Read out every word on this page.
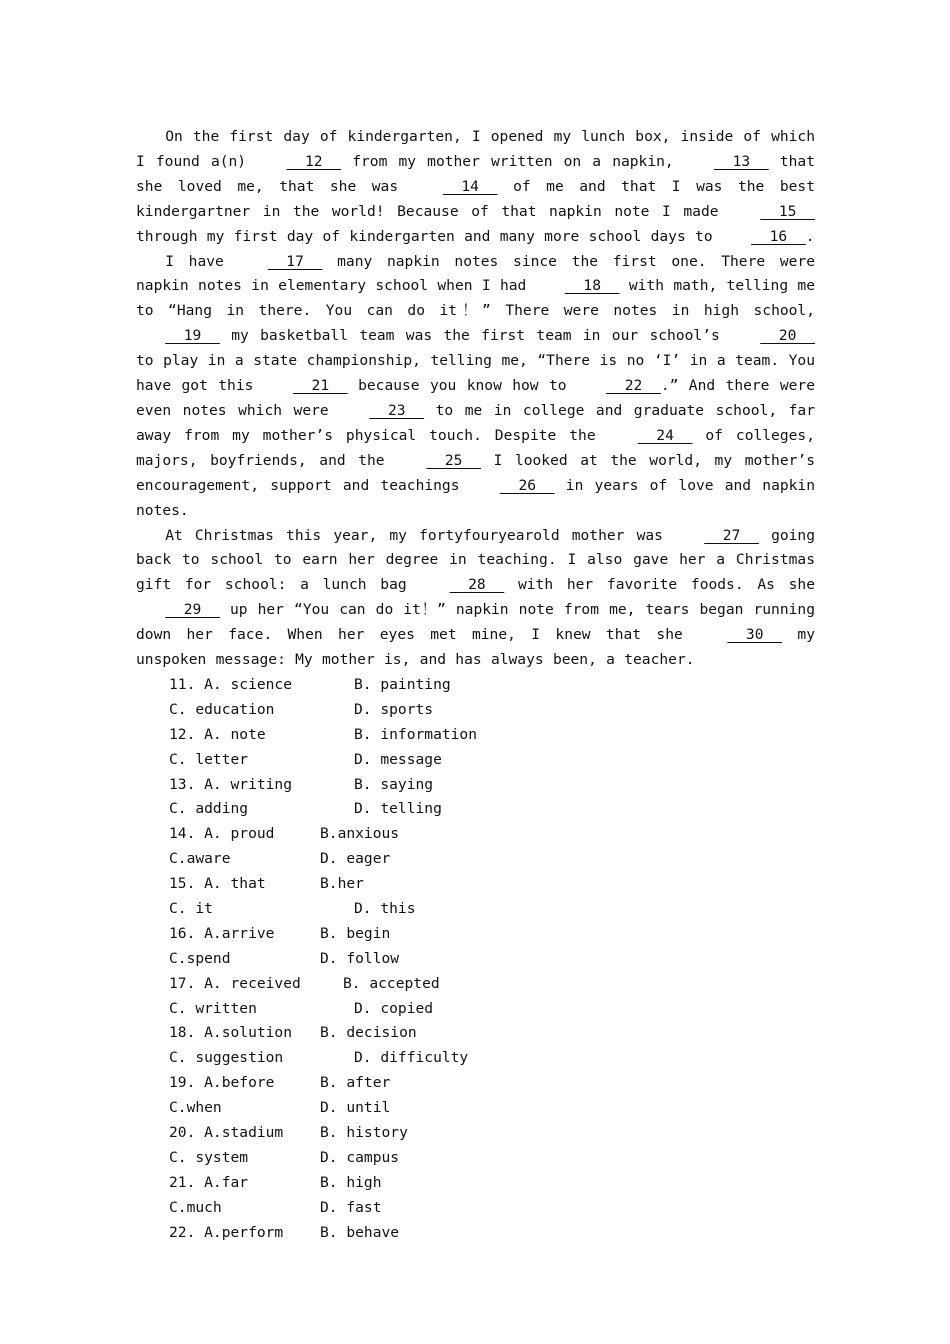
On the first day of kindergarten, I opened my lunch box, inside of which I found a(n)   12   from my mother written on a napkin,   13   that she loved me, that she was   14   of me and that I was the best kindergartner in the world! Because of that napkin note I made   15   through my first day of kindergarten and many more school days to   16  .

I have   17   many napkin notes since the first one. There were napkin notes in elementary school when I had   18   with math, telling me to “Hang in there. You can do it！” There were notes in high school,   19   my basketball team was the first team in our school’s   20   to play in a state championship, telling me, “There is no ‘I’ in a team. You have got this   21   because you know how to   22  .” And there were even notes which were   23   to me in college and graduate school, far away from my mother’s physical touch. Despite the   24   of colleges, majors, boyfriends, and the   25   I looked at the world, my mother’s encouragement, support and teachings   26   in years of love and napkin notes.

At Christmas this year, my fortyfouryearold mother was   27   going back to school to earn her degree in teaching. I also gave her a Christmas gift for school: a lunch bag   28   with her favorite foods. As she   29   up her “You can do it！” napkin note from me, tears began running down her face. When her eyes met mine, I knew that she   30   my unspoken message: My mother is, and has always been, a teacher.

11. A. science	B. painting
C. education	D. sports
12. A. note	B. information
C. letter	D. message
13. A. writing	B. saying
C. adding	D. telling
14. A. proud	B.anxious
C.aware	D. eager
15. A. that	B.her
C. it	D. this
16. A.arrive	B. begin
C.spend	D. follow
17. A. received	B. accepted
C. written	D. copied
18. A.solution	B. decision
C. suggestion	D. difficulty
19. A.before	B. after
C.when	D. until
20. A.stadium	B. history
C. system	D. campus
21. A.far	B. high
C.much	D. fast
22. A.perform	B. behave
